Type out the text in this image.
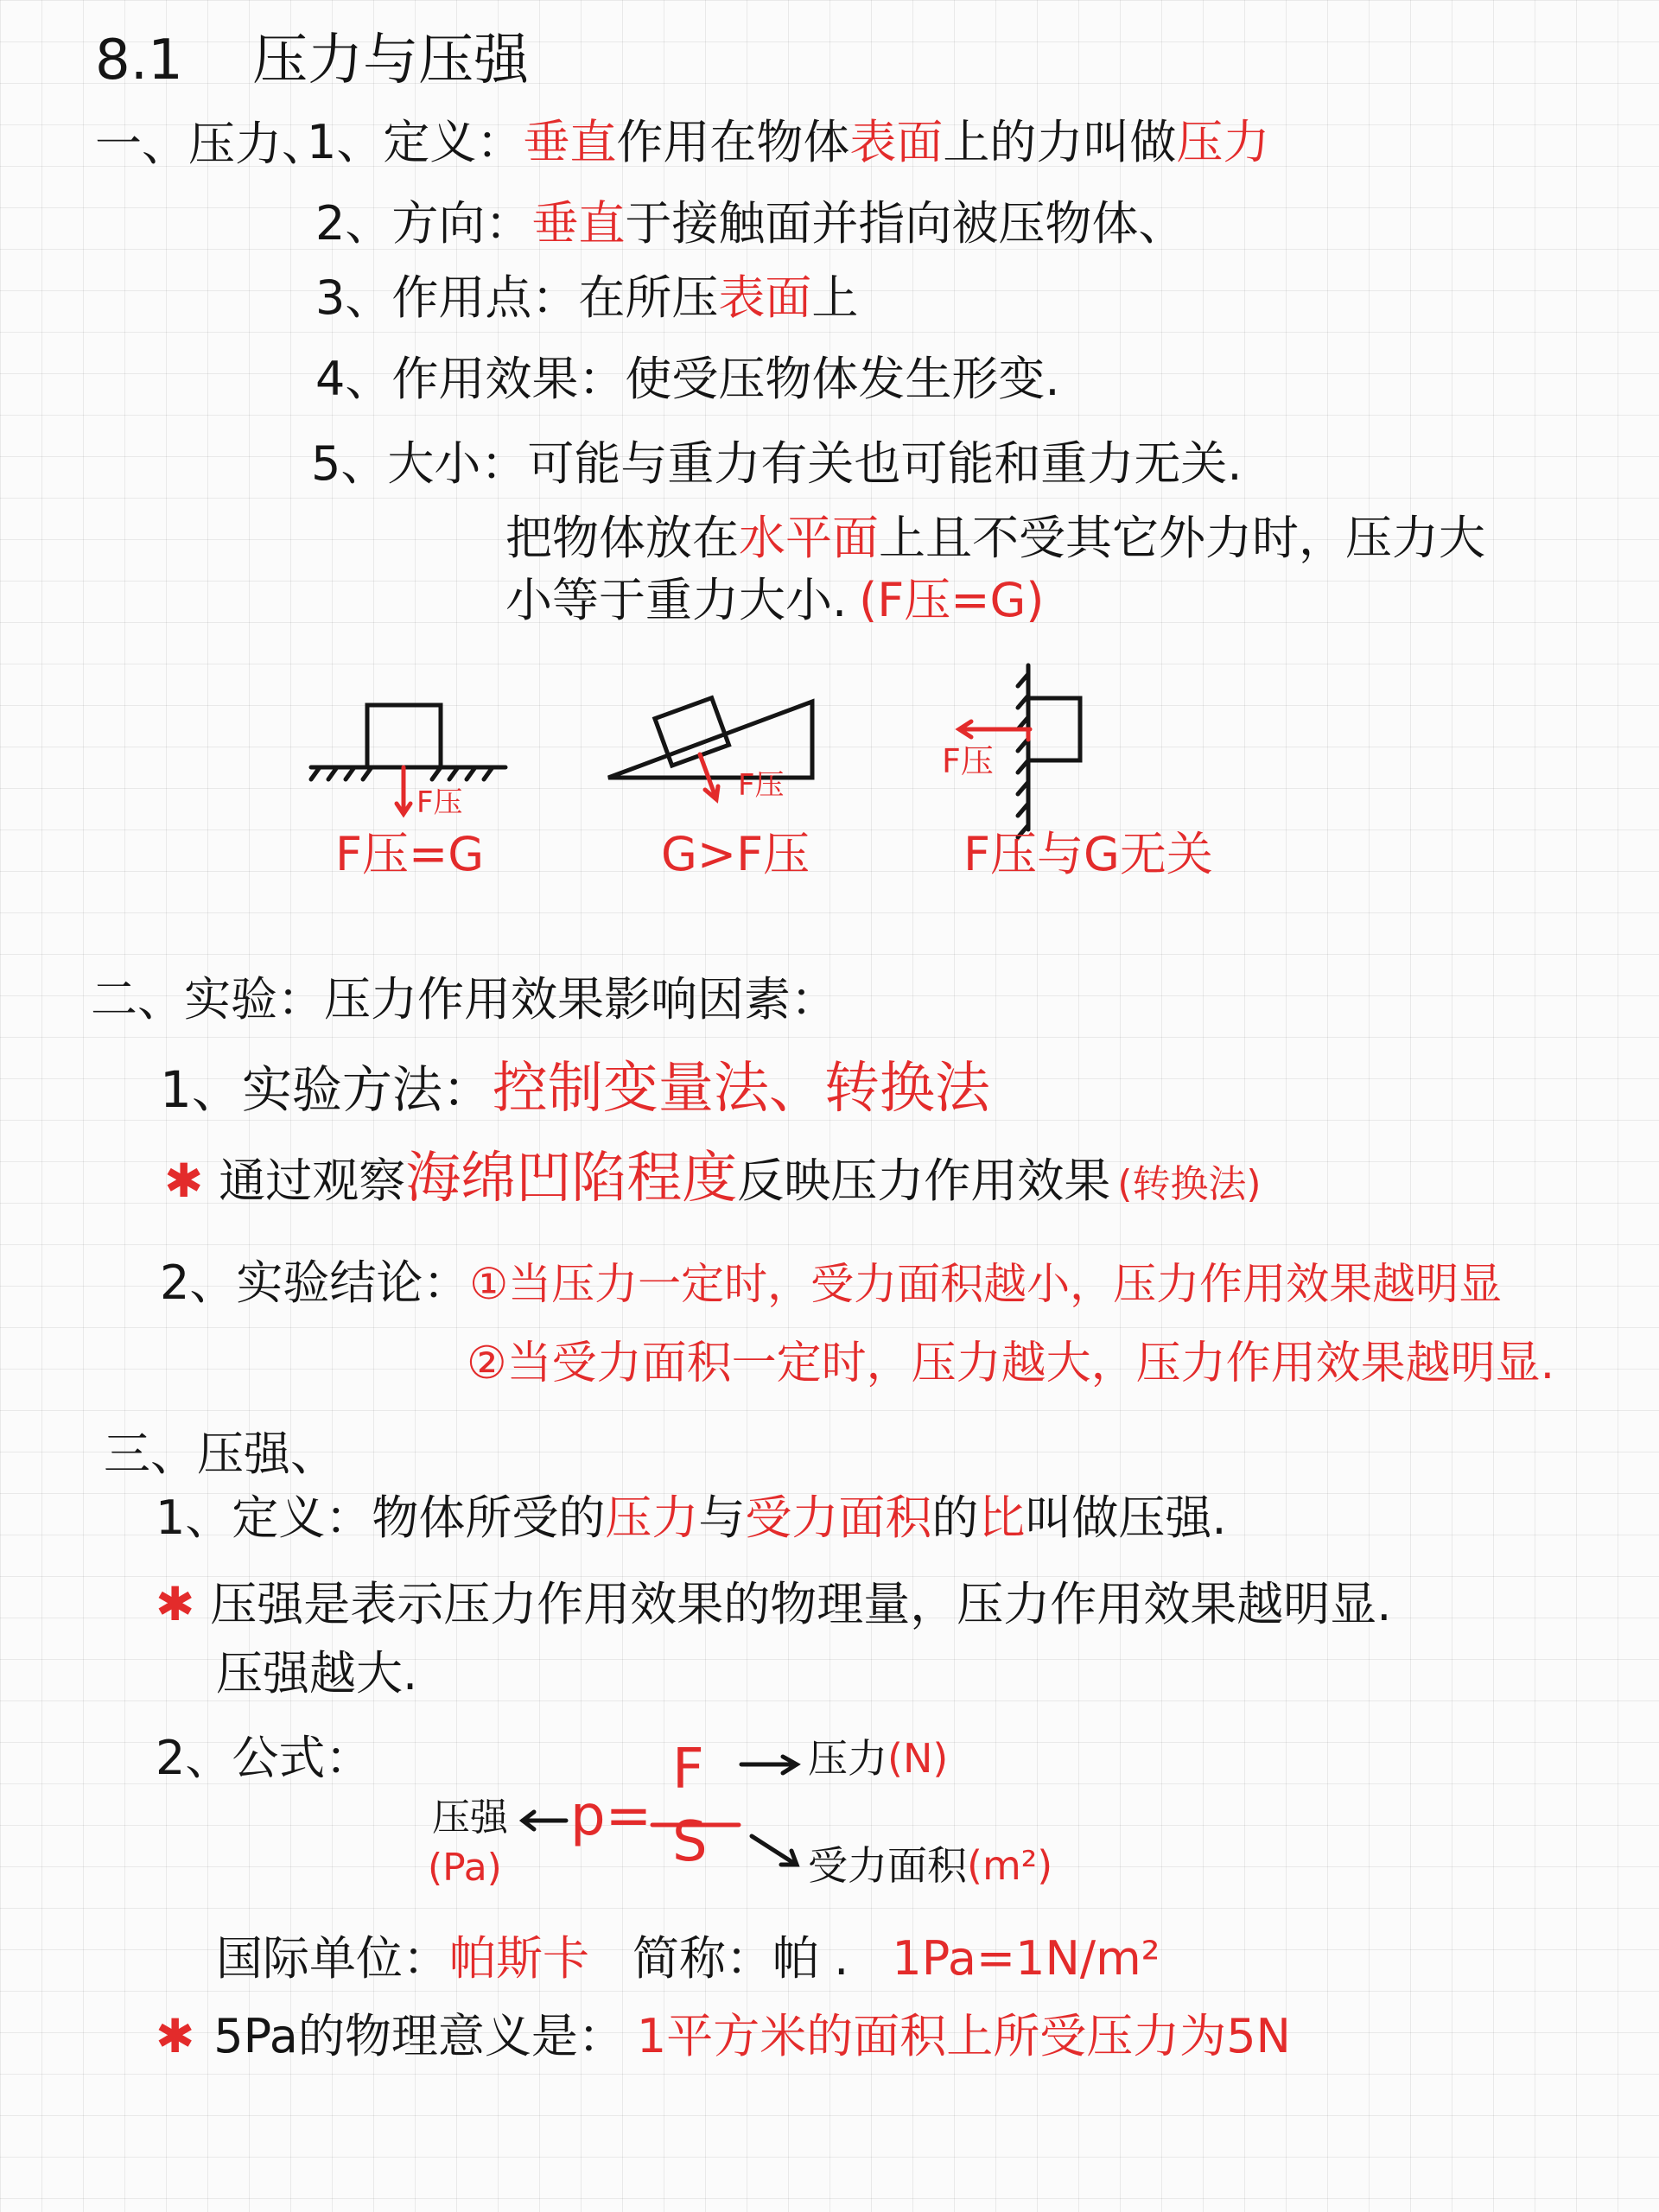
8.1 压力与压强
一、压力、
1、定义：垂直作用在物体表面上的力叫做压力
2、方向：垂直于接触面并指向被压物体、
3、作用点：在所压表面上
4、作用效果：使受压物体发生形变.
5、大小：可能与重力有关也可能和重力无关.
把物体放在水平面上且不受其它外力时，压力大
小等于重力大小. (F压=G)
F压
F压=G
F压
G>F压
F压
F压与G无关
二、实验：压力作用效果影响因素：
1、实验方法：控制变量法、转换法
✱ 通过观察海绵凹陷程度反映压力作用效果 (转换法)
2、实验结论：①当压力一定时，受力面积越小，压力作用效果越明显
②当受力面积一定时，压力越大，压力作用效果越明显.
三、压强、
1、定义：物体所受的压力与受力面积的比叫做压强.
✱ 压强是表示压力作用效果的物理量，压力作用效果越明显.
压强越大.
2、公式：
压强
(Pa)
p=
F
S
压力(N)
受力面积(m²)
国际单位：帕斯卡 简称：帕 . 1Pa=1N/m²
✱ 5Pa的物理意义是： 1平方米的面积上所受压力为5N
